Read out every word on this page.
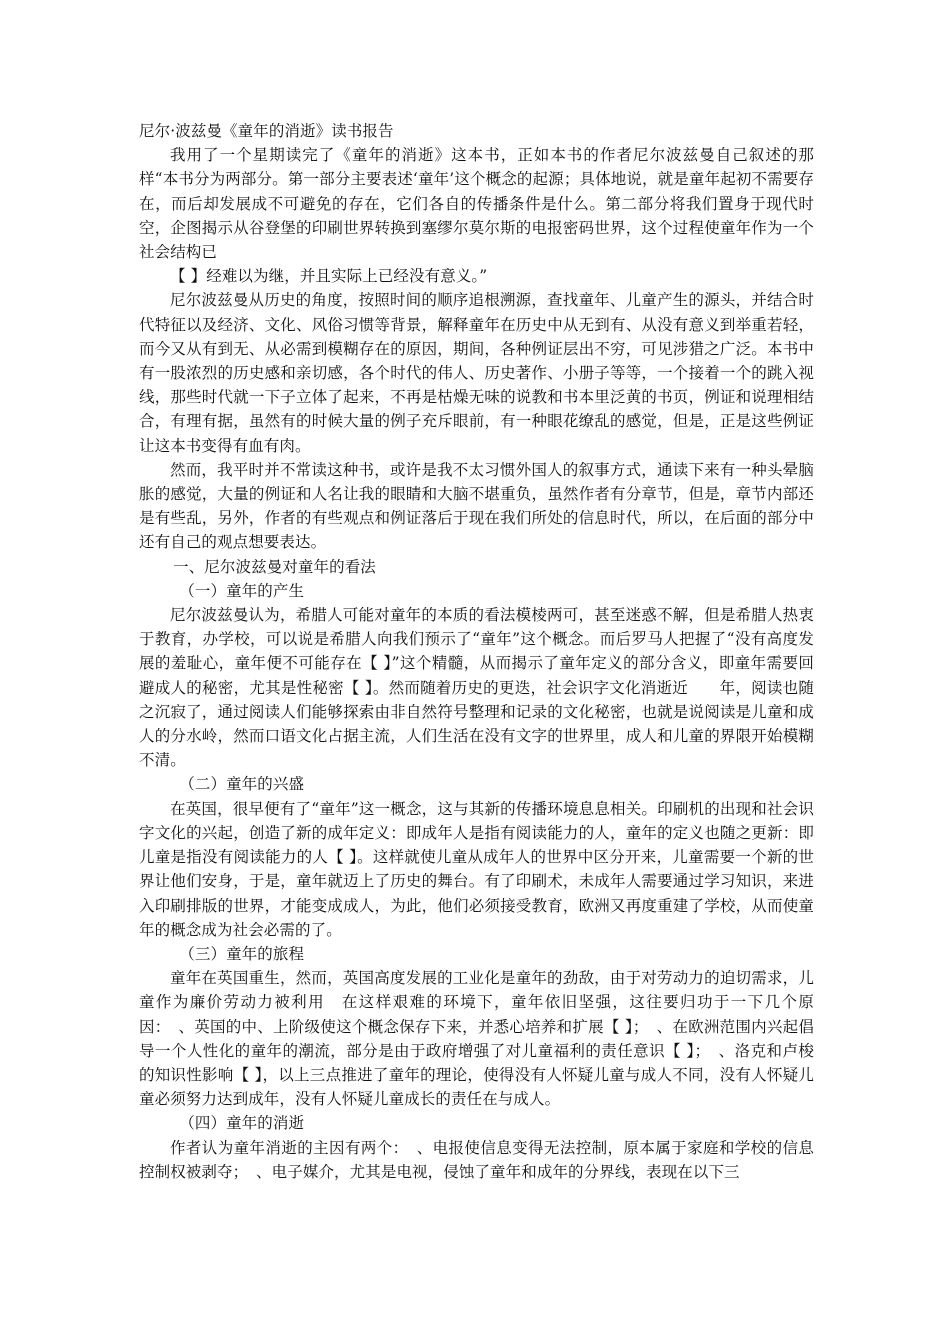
尼尔·波兹曼《童年的消逝》读书报告

我用了一个星期读完了《童年的消逝》这本书，正如本书的作者尼尔波兹曼自己叙述的那样“本书分为两部分。第一部分主要表述‘童年’这个概念的起源；具体地说，就是童年起初不需要存在，而后却发展成不可避免的存在，它们各自的传播条件是什么。第二部分将我们置身于现代时空，企图揭示从谷登堡的印刷世界转换到塞缪尔莫尔斯的电报密码世界，这个过程使童年作为一个社会结构已

【 】经难以为继，并且实际上已经没有意义。”

尼尔波兹曼从历史的角度，按照时间的顺序追根溯源，查找童年、儿童产生的源头，并结合时代特征以及经济、文化、风俗习惯等背景，解释童年在历史中从无到有、从没有意义到举重若轻，而今又从有到无、从必需到模糊存在的原因，期间，各种例证层出不穷，可见涉猎之广泛。本书中有一股浓烈的历史感和亲切感，各个时代的伟人、历史著作、小册子等等，一个接着一个的跳入视线，那些时代就一下子立体了起来，不再是枯燥无味的说教和书本里泛黄的书页，例证和说理相结合，有理有据，虽然有的时候大量的例子充斥眼前，有一种眼花缭乱的感觉，但是，正是这些例证让这本书变得有血有肉。

然而，我平时并不常读这种书，或许是我不太习惯外国人的叙事方式，通读下来有一种头晕脑胀的感觉，大量的例证和人名让我的眼睛和大脑不堪重负，虽然作者有分章节，但是，章节内部还是有些乱，另外，作者的有些观点和例证落后于现在我们所处的信息时代，所以，在后面的部分中还有自己的观点想要表达。

一、尼尔波兹曼对童年的看法

（一）童年的产生

尼尔波兹曼认为，希腊人可能对童年的本质的看法模棱两可，甚至迷惑不解，但是希腊人热衷于教育，办学校，可以说是希腊人向我们预示了“童年”这个概念。而后罗马人把握了“没有高度发展的羞耻心，童年便不可能存在【 】”这个精髓，从而揭示了童年定义的部分含义，即童年需要回避成人的秘密，尤其是性秘密【 】。然而随着历史的更迭，社会识字文化消逝近　　年，阅读也随之沉寂了，通过阅读人们能够探索由非自然符号整理和记录的文化秘密，也就是说阅读是儿童和成人的分水岭，然而口语文化占据主流，人们生活在没有文字的世界里，成人和儿童的界限开始模糊不清。

（二）童年的兴盛

在英国，很早便有了“童年”这一概念，这与其新的传播环境息息相关。印刷机的出现和社会识字文化的兴起，创造了新的成年定义：即成年人是指有阅读能力的人，童年的定义也随之更新：即儿童是指没有阅读能力的人【 】。这样就使儿童从成年人的世界中区分开来，儿童需要一个新的世界让他们安身，于是，童年就迈上了历史的舞台。有了印刷术，未成年人需要通过学习知识，来进入印刷排版的世界，才能变成成人，为此，他们必须接受教育，欧洲又再度重建了学校，从而使童年的概念成为社会必需的了。

（三）童年的旅程

童年在英国重生，然而，英国高度发展的工业化是童年的劲敌，由于对劳动力的迫切需求，儿童作为廉价劳动力被利用　在这样艰难的环境下，童年依旧坚强，这往要归功于一下几个原因：　、英国的中、上阶级使这个概念保存下来，并悉心培养和扩展【 】；　、在欧洲范围内兴起倡导一个人性化的童年的潮流，部分是由于政府增强了对儿童福利的责任意识【 】；　、洛克和卢梭的知识性影响【 】，以上三点推进了童年的理论，使得没有人怀疑儿童与成人不同，没有人怀疑儿童必须努力达到成年，没有人怀疑儿童成长的责任在与成人。

（四）童年的消逝

作者认为童年消逝的主因有两个：　、电报使信息变得无法控制，原本属于家庭和学校的信息控制权被剥夺；　、电子媒介，尤其是电视，侵蚀了童年和成年的分界线，表现在以下三
